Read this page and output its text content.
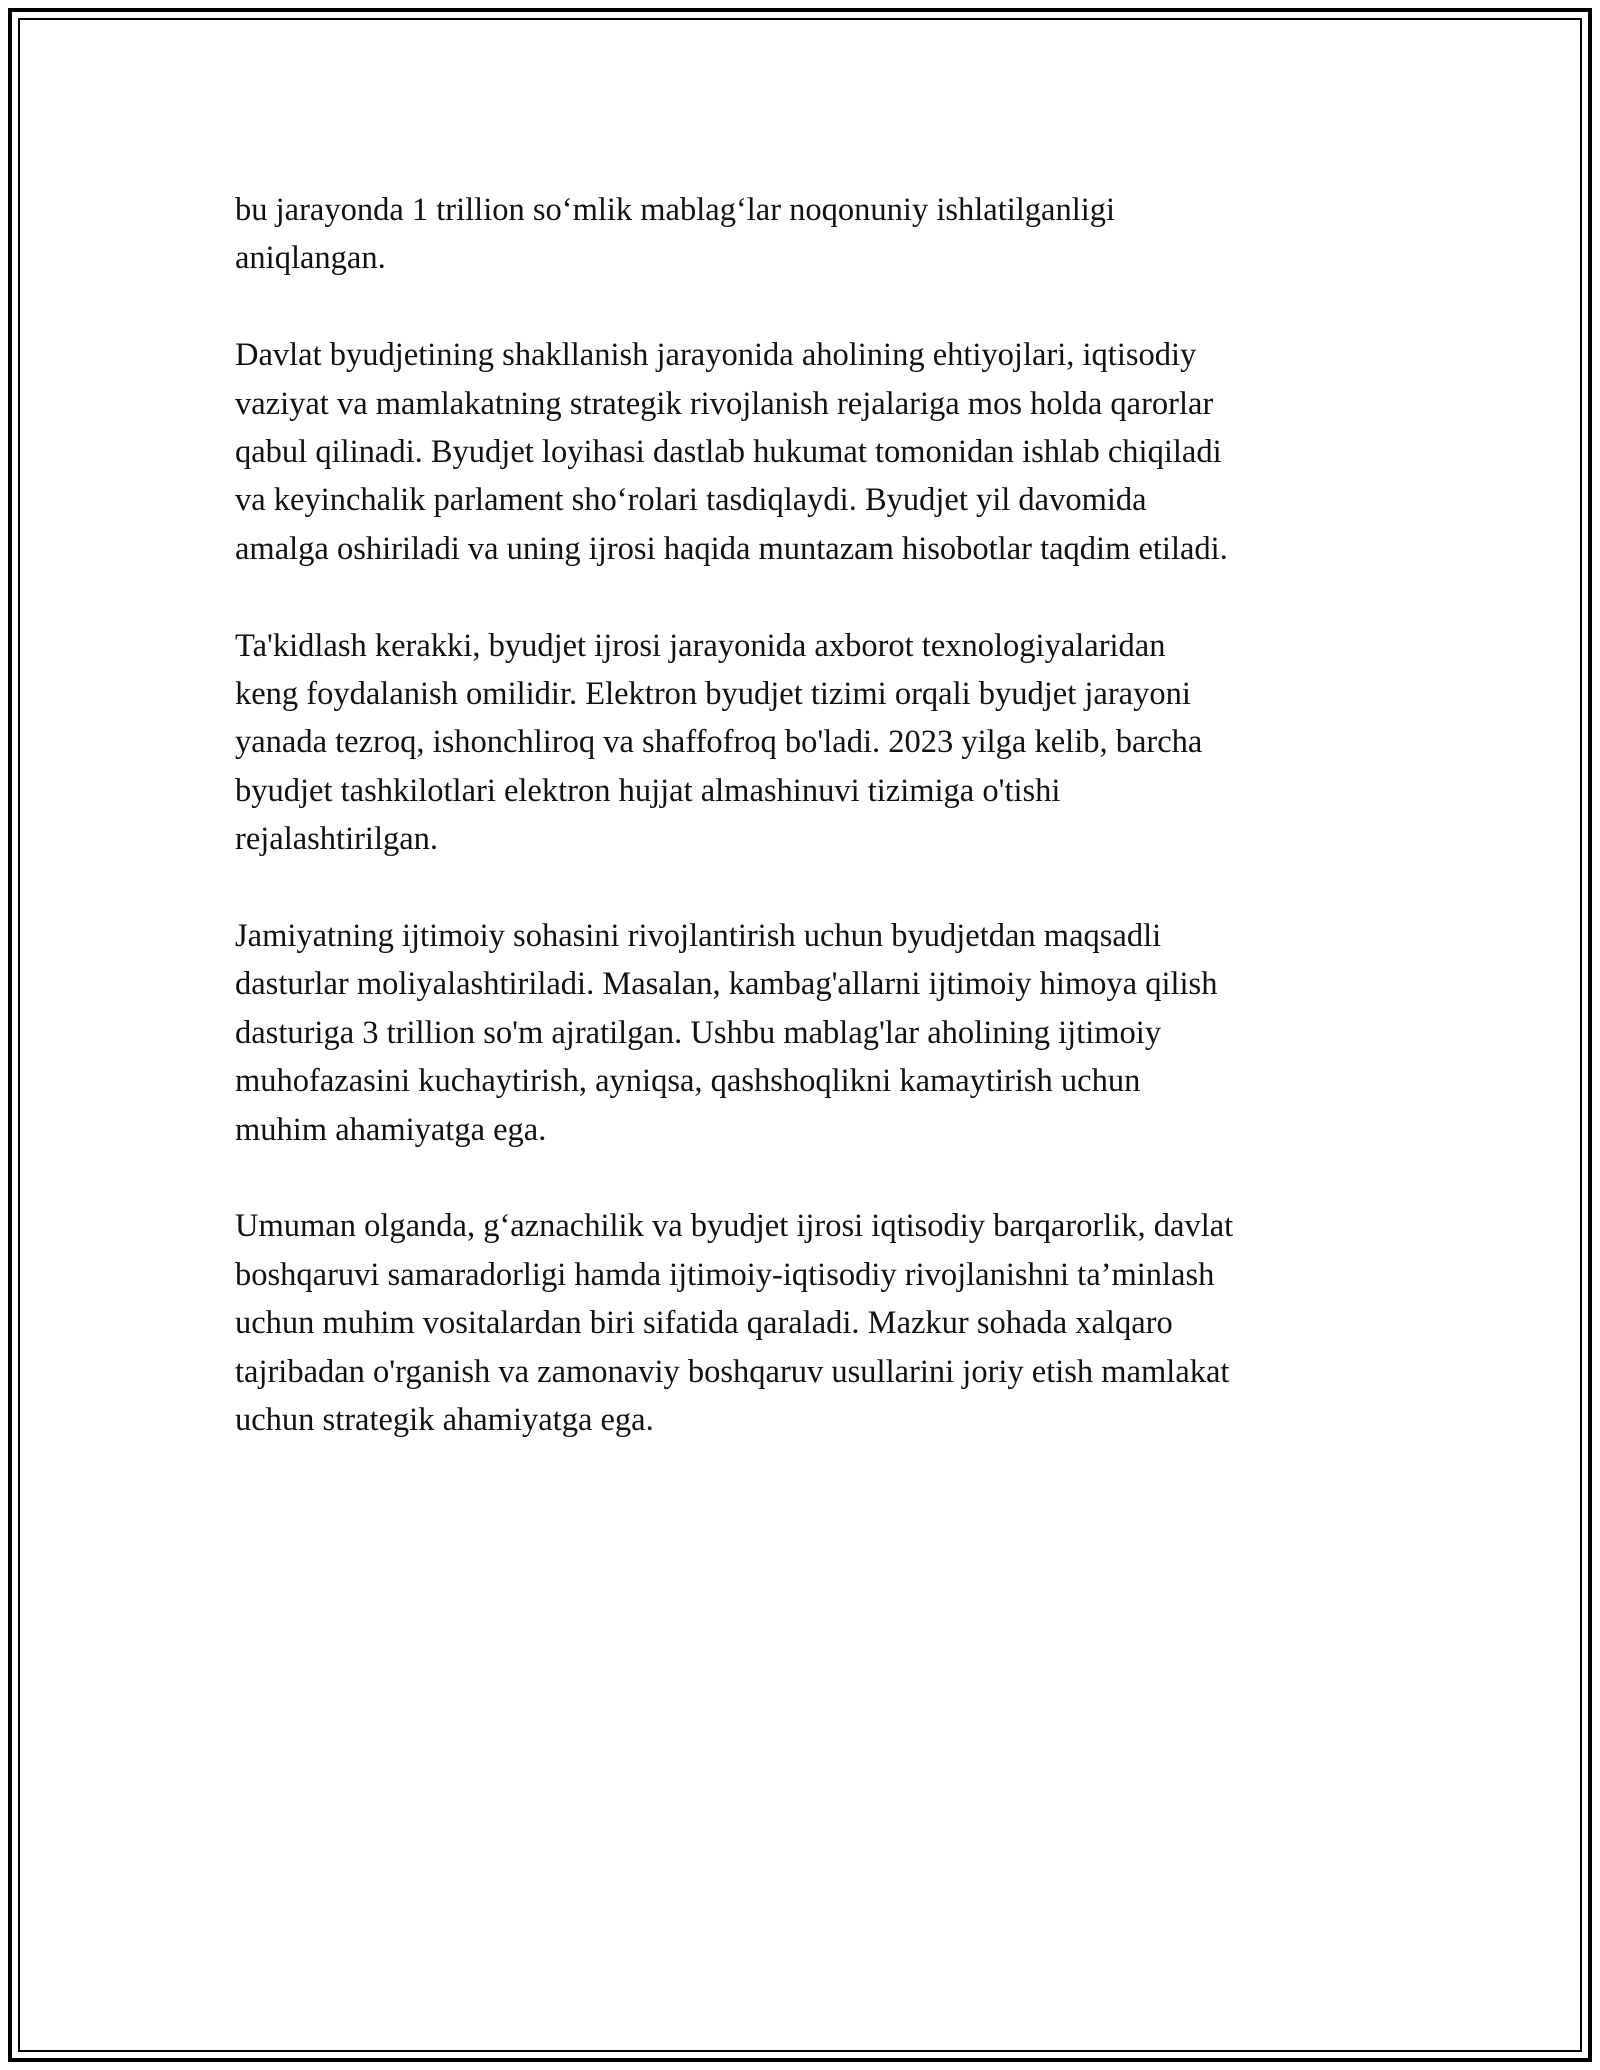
bu jarayonda 1 trillion so‘mlik mablag‘lar noqonuniy ishlatilganligi
aniqlangan.

Davlat byudjetining shakllanish jarayonida aholining ehtiyojlari, iqtisodiy
vaziyat va mamlakatning strategik rivojlanish rejalariga mos holda qarorlar
qabul qilinadi. Byudjet loyihasi dastlab hukumat tomonidan ishlab chiqiladi
va keyinchalik parlament sho‘rolari tasdiqlaydi. Byudjet yil davomida
amalga oshiriladi va uning ijrosi haqida muntazam hisobotlar taqdim etiladi.

Ta'kidlash kerakki, byudjet ijrosi jarayonida axborot texnologiyalaridan
keng foydalanish omilidir. Elektron byudjet tizimi orqali byudjet jarayoni
yanada tezroq, ishonchliroq va shaffofroq bo'ladi. 2023 yilga kelib, barcha
byudjet tashkilotlari elektron hujjat almashinuvi tizimiga o'tishi
rejalashtirilgan.

Jamiyatning ijtimoiy sohasini rivojlantirish uchun byudjetdan maqsadli
dasturlar moliyalashtiriladi. Masalan, kambag'allarni ijtimoiy himoya qilish
dasturiga 3 trillion so'm ajratilgan. Ushbu mablag'lar aholining ijtimoiy
muhofazasini kuchaytirish, ayniqsa, qashshoqlikni kamaytirish uchun
muhim ahamiyatga ega.

Umuman olganda, g‘aznachilik va byudjet ijrosi iqtisodiy barqarorlik, davlat
boshqaruvi samaradorligi hamda ijtimoiy-iqtisodiy rivojlanishni ta’minlash
uchun muhim vositalardan biri sifatida qaraladi. Mazkur sohada xalqaro
tajribadan o'rganish va zamonaviy boshqaruv usullarini joriy etish mamlakat
uchun strategik ahamiyatga ega.
